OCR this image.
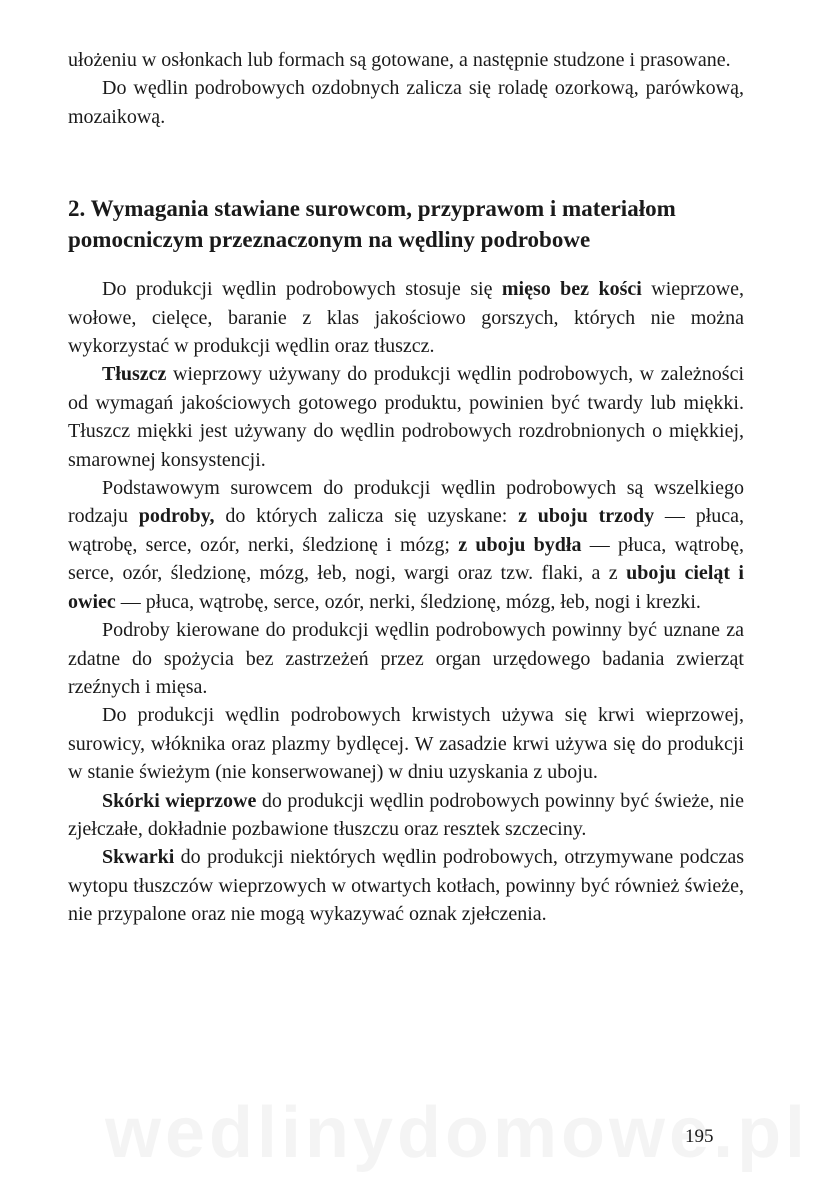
ułożeniu w osłonkach lub formach są gotowane, a następnie studzone i prasowane.

Do wędlin podrobowych ozdobnych zalicza się roladę ozorkową, parówkową, mozaikową.

2. Wymagania stawiane surowcom, przyprawom i materiałom pomocniczym przeznaczonym na wędliny podrobowe

Do produkcji wędlin podrobowych stosuje się mięso bez kości wieprzowe, wołowe, cielęce, baranie z klas jakościowo gorszych, których nie można wykorzystać w produkcji wędlin oraz tłuszcz.

Tłuszcz wieprzowy używany do produkcji wędlin podrobowych, w zależności od wymagań jakościowych gotowego produktu, powinien być twardy lub miękki. Tłuszcz miękki jest używany do wędlin podrobowych rozdrobnionych o miękkiej, smarownej konsystencji.

Podstawowym surowcem do produkcji wędlin podrobowych są wszelkiego rodzaju podroby, do których zalicza się uzyskane: z uboju trzody — płuca, wątrobę, serce, ozór, nerki, śledzionę i mózg; z uboju bydła — płuca, wątrobę, serce, ozór, śledzionę, mózg, łeb, nogi, wargi oraz tzw. flaki, a z uboju cieląt i owiec — płuca, wątrobę, serce, ozór, nerki, śledzionę, mózg, łeb, nogi i krezki.

Podroby kierowane do produkcji wędlin podrobowych powinny być uznane za zdatne do spożycia bez zastrzeżeń przez organ urzędowego badania zwierząt rzeźnych i mięsa.

Do produkcji wędlin podrobowych krwistych używa się krwi wieprzowej, surowicy, włóknika oraz plazmy bydlęcej. W zasadzie krwi używa się do produkcji w stanie świeżym (nie konserwowanej) w dniu uzyskania z uboju.

Skórki wieprzowe do produkcji wędlin podrobowych powinny być świeże, nie zjełczałe, dokładnie pozbawione tłuszczu oraz resztek szczeciny.

Skwarki do produkcji niektórych wędlin podrobowych, otrzymywane podczas wytopu tłuszczów wieprzowych w otwartych kotłach, powinny być również świeże, nie przypalone oraz nie mogą wykazywać oznak zjełczenia.

195
